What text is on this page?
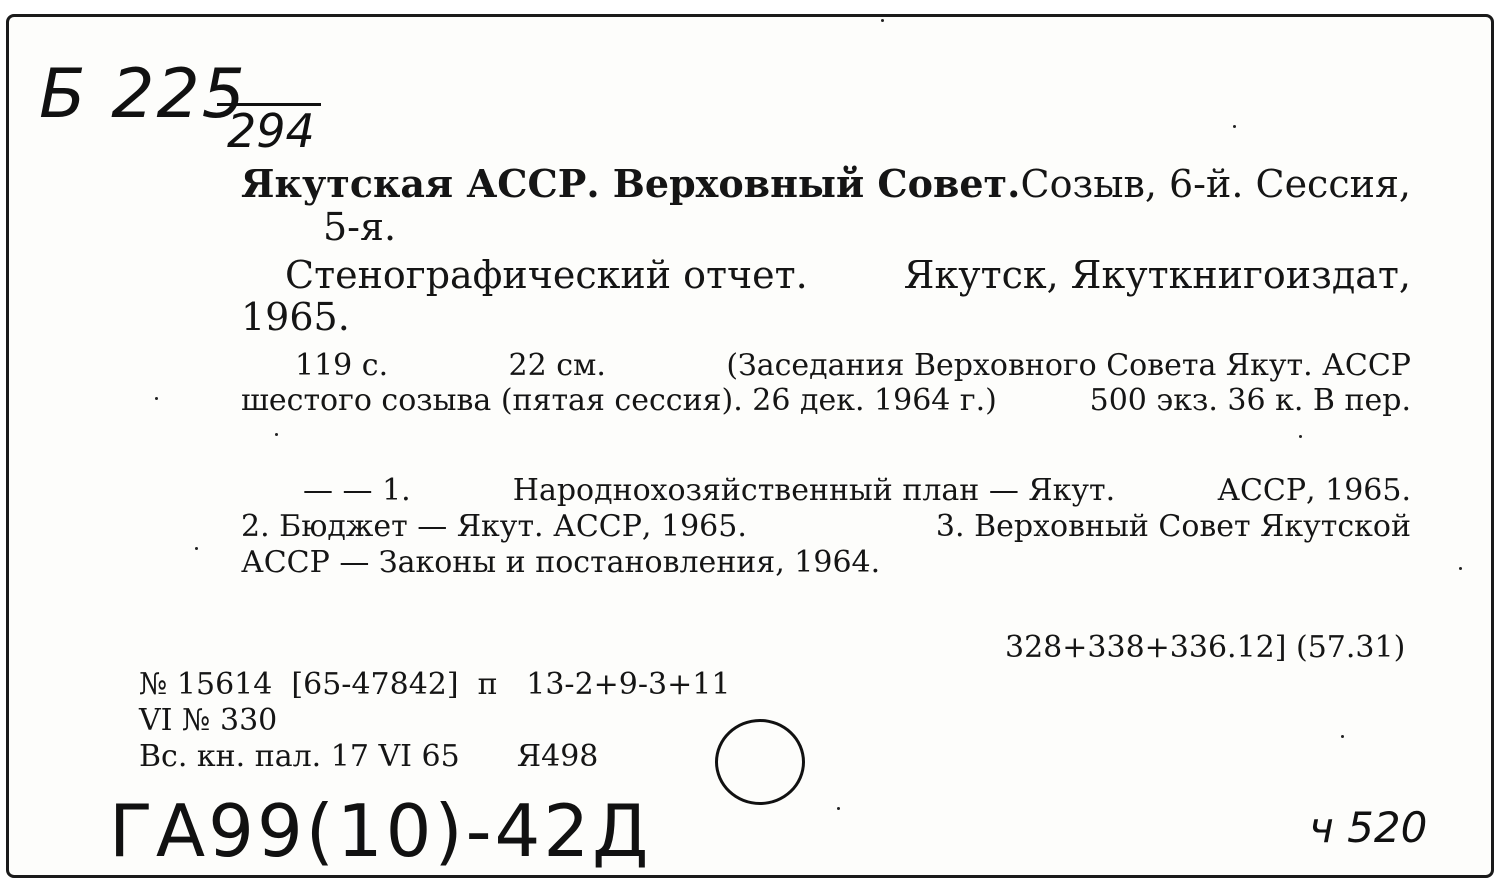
Б 225
294
Якутская АССР. Верховный Совет. Созыв, 6-й. Сессия,
5-я.
Стенографический отчет.	Якутск, Якуткнигоиздат,
1965.
119 с.	22 см.	(Заседания Верховного Совета Якут. АССР
шестого созыва (пятая сессия). 26 дек. 1964 г.)	500 экз. 36 к. В пер.
— — 1.	Народнохозяйственный план — Якут.	АССР, 1965.
2. Бюджет — Якут. АССР, 1965.	3. Верховный Совет Якутской
АССР — Законы и постановления, 1964.
328+338+336.12] (57.31)
№ 15614  [65-47842]  п   13-2+9-3+11
VI № 330
Вс. кн. пал. 17 VI 65      Я498
ГА99(10)-42Д	ч 520
